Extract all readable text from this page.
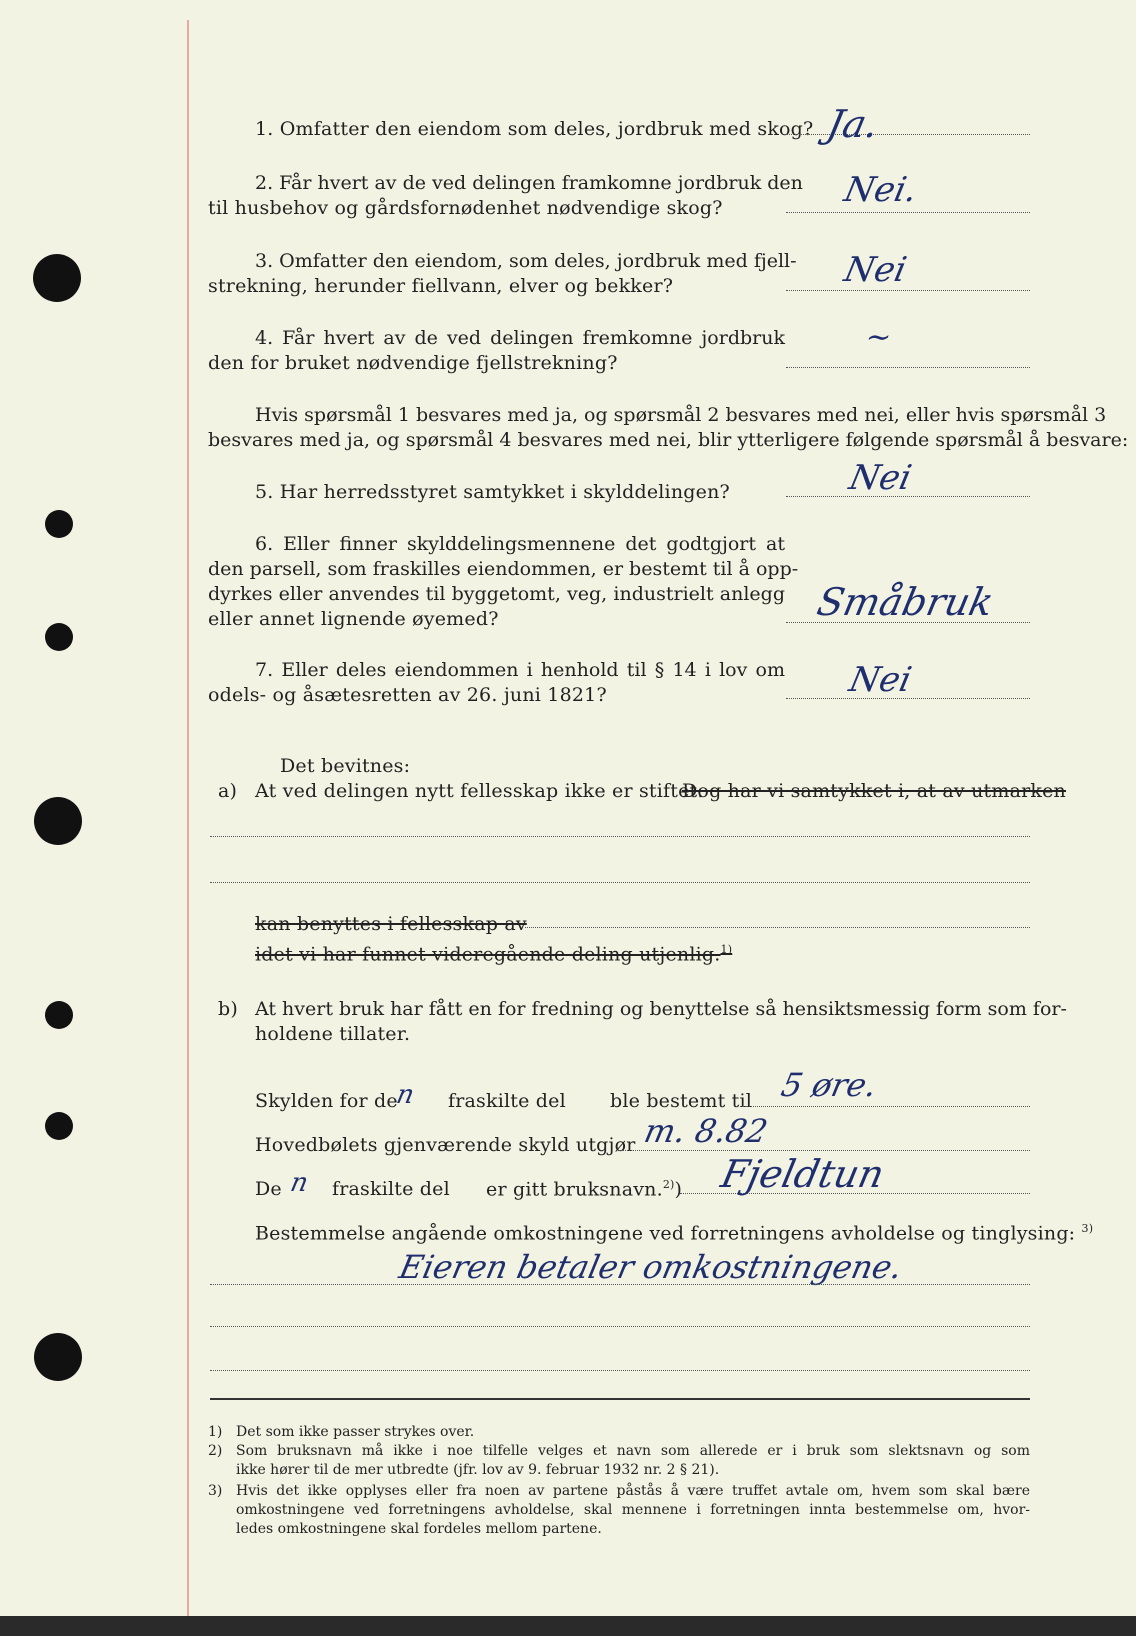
1. Omfatter den eiendom som deles, jordbruk med skog? Ja.
2. Får hvert av de ved delingen framkomne jordbruk den
til husbehov og gårdsfornødenhet nødvendige skog?	Nei.
3. Omfatter den eiendom, som deles, jordbruk med fjell-
strekning, herunder fiellvann, elver og bekker?	Nei
4. Får hvert av de ved delingen fremkomne jordbruk
den for bruket nødvendige fjellstrekning?
~
Hvis spørsmål 1 besvares med ja, og spørsmål 2 besvares med nei, eller hvis spørsmål 3
besvares med ja, og spørsmål 4 besvares med nei, blir ytterligere følgende spørsmål å besvare:
5. Har herredsstyret samtykket i skylddelingen?	Nei
6. Eller finner skylddelingsmennene det godtgjort at
den parsell, som fraskilles eiendommen, er bestemt til å opp-
dyrkes eller anvendes til byggetomt, veg, industrielt anlegg
eller annet lignende øyemed?	Småbruk
7. Eller deles eiendommen i henhold til § 14 i lov om
odels- og åsætesretten av 26. juni 1821?	Nei
Det bevitnes:
a) At ved delingen nytt fellesskap ikke er stiftet.
Dog har vi samtykket i, at av utmarken
kan benyttes i fellesskap av
idet vi har funnet videregående deling utjenlig.$^{1)}$
b) At hvert bruk har fått en for fredning og benyttelse så hensiktsmessig form som for-
holdene tillater.
Skylden for de
n fraskilte del ble bestemt til 5 øre.
Hovedbølets gjenværende skyld utgjør m. 8.82
De n fraskilte del er gitt bruksnavn.$^{2)}$) Fjeldtun
Bestemmelse angående omkostningene ved forretningens avholdelse og tinglysing: $^{3)}$
Eieren betaler omkostningene.
1) Det som ikke passer strykes over.
2) Som bruksnavn må ikke i noe tilfelle velges et navn som allerede er i bruk som slektsnavn og som
ikke hører til de mer utbredte (jfr. lov av 9. februar 1932 nr. 2 § 21).
3) Hvis det ikke opplyses eller fra noen av partene påstås å være truffet avtale om, hvem som skal bære
omkostningene ved forretningens avholdelse, skal mennene i forretningen innta bestemmelse om, hvor-
ledes omkostningene skal fordeles mellom partene.
